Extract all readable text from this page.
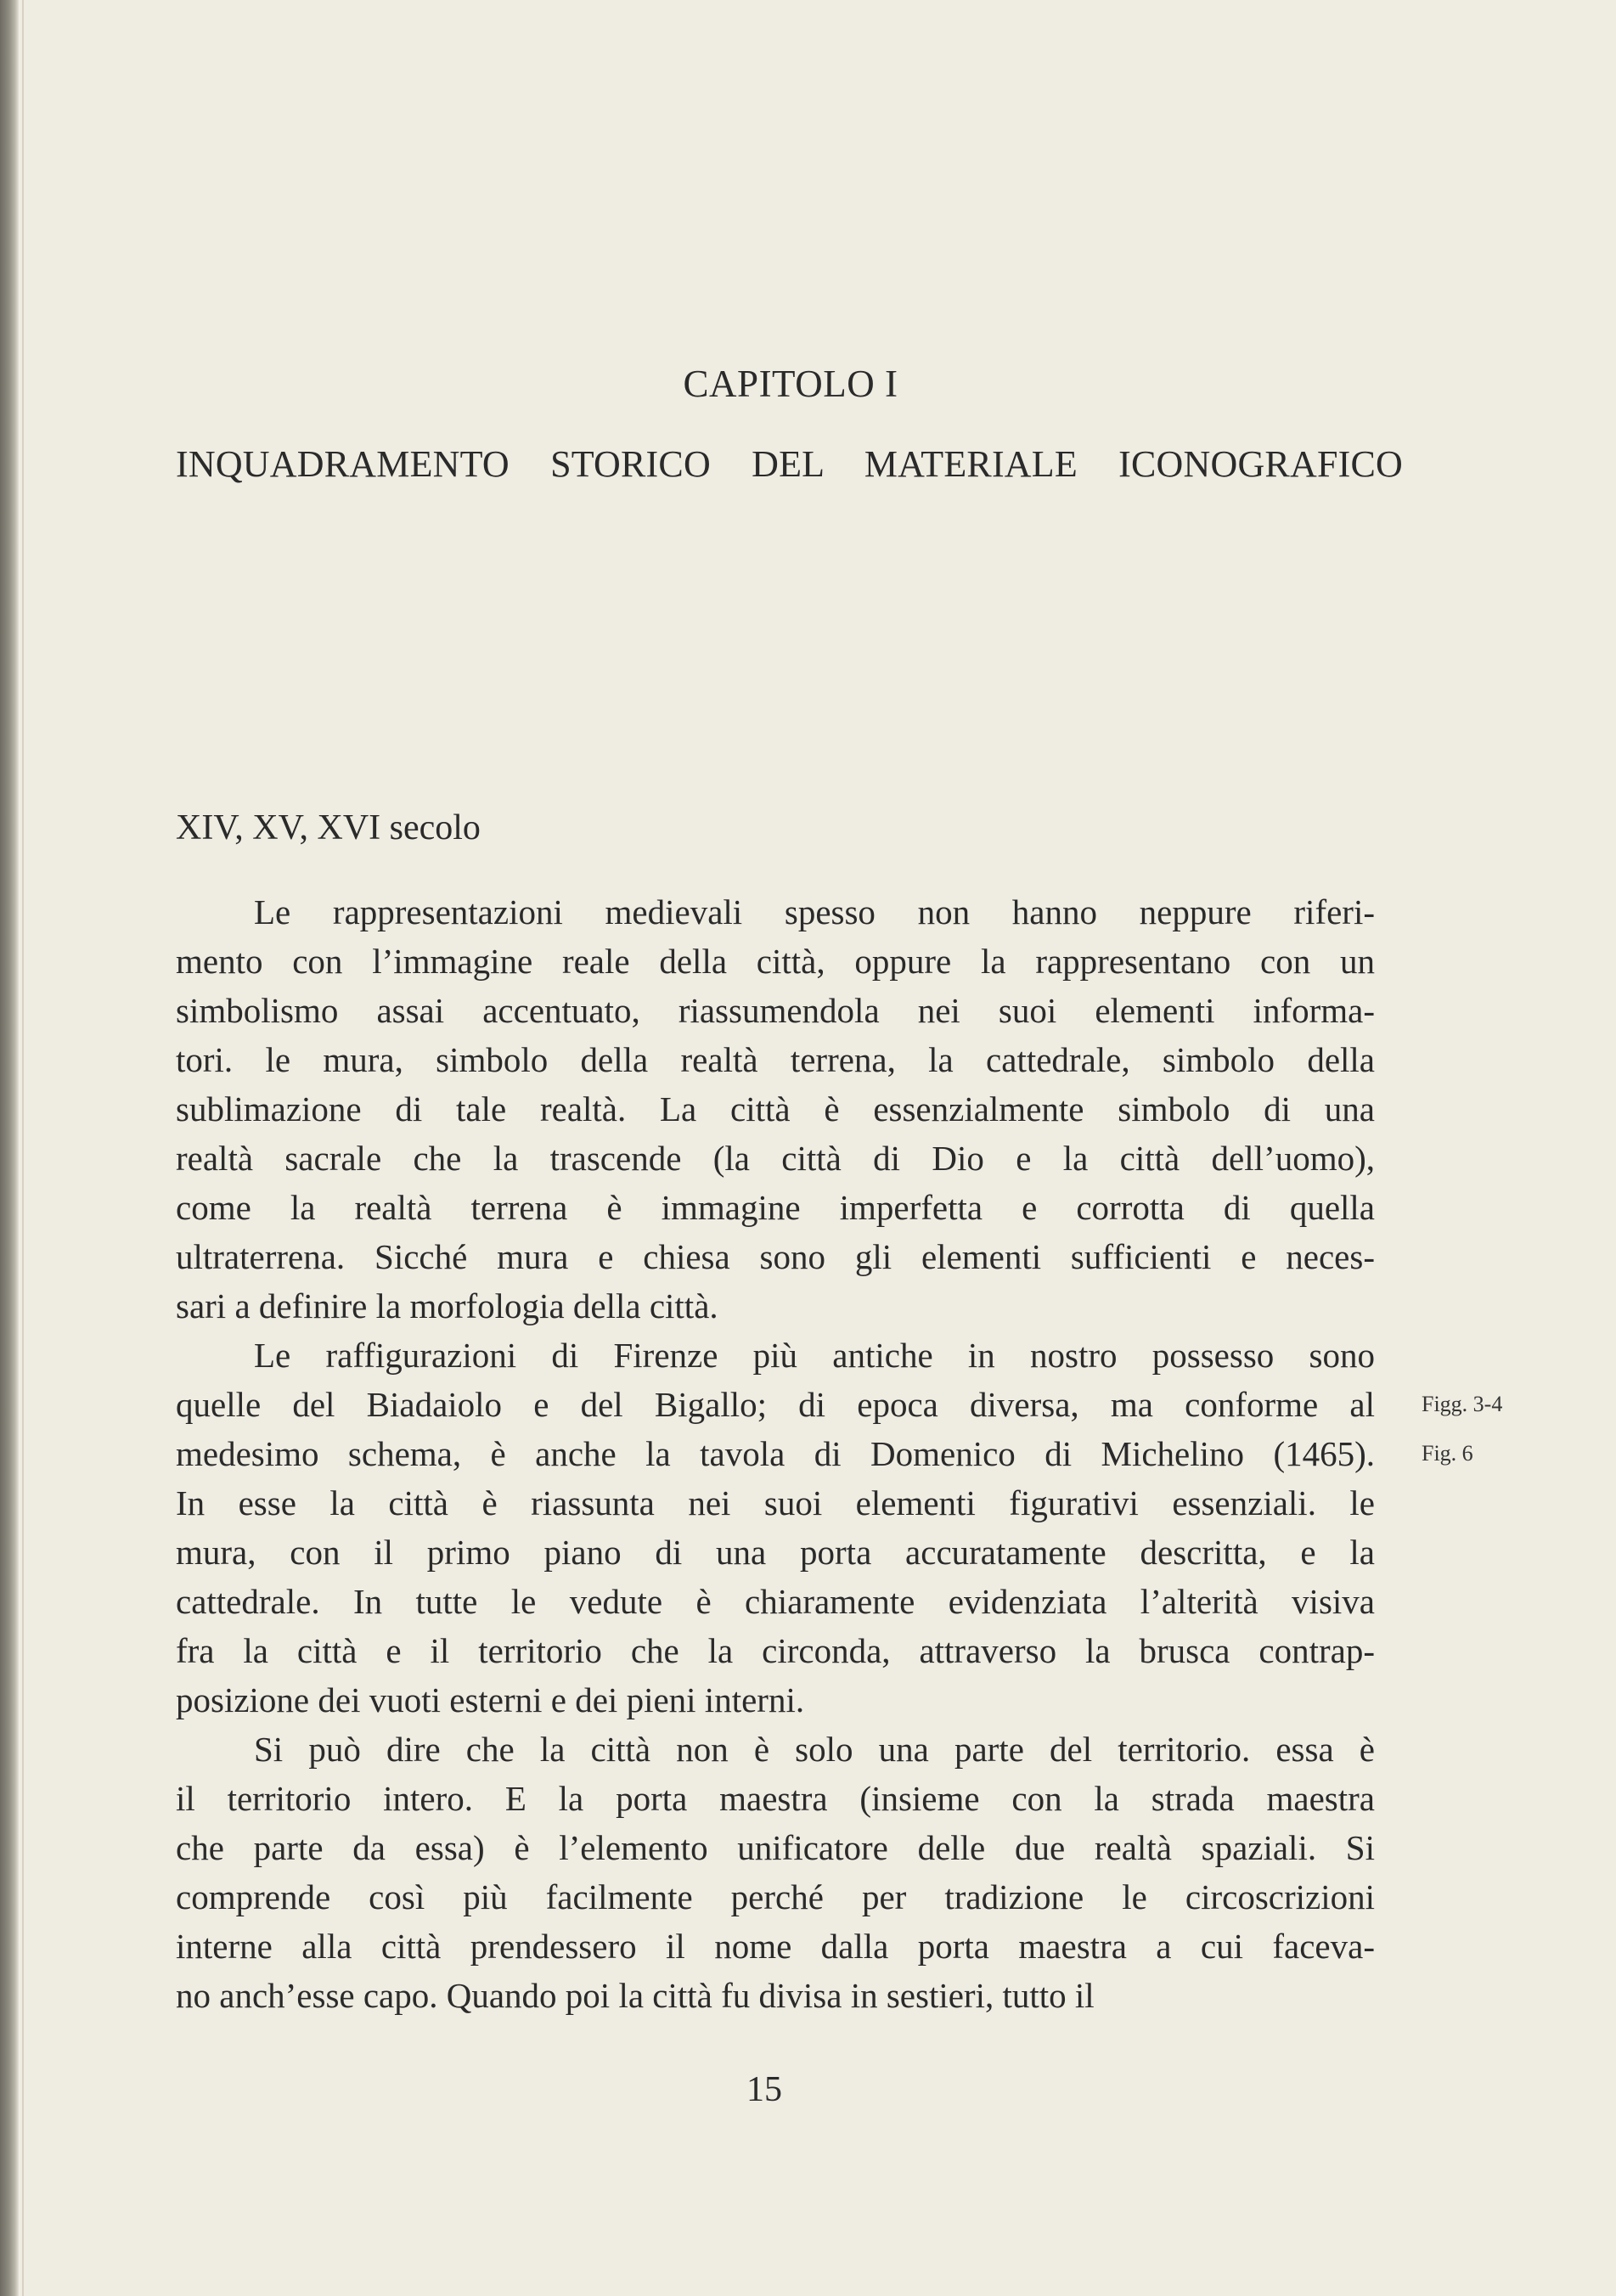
CAPITOLO I
INQUADRAMENTO STORICO DEL MATERIALE ICONOGRAFICO
XIV, XV, XVI secolo
Le rappresentazioni medievali spesso non hanno neppure riferi-
mento con l’immagine reale della città, oppure la rappresentano con un
simbolismo assai accentuato, riassumendola nei suoi elementi informa-
tori. le mura, simbolo della realtà terrena, la cattedrale, simbolo della
sublimazione di tale realtà. La città è essenzialmente simbolo di una
realtà sacrale che la trascende (la città di Dio e la città dell’uomo),
come la realtà terrena è immagine imperfetta e corrotta di quella
ultraterrena. Sicché mura e chiesa sono gli elementi sufficienti e neces-
sari a definire la morfologia della città.
Le raffigurazioni di Firenze più antiche in nostro possesso sono
quelle del Biadaiolo e del Bigallo; di epoca diversa, ma conforme al
medesimo schema, è anche la tavola di Domenico di Michelino (1465).
In esse la città è riassunta nei suoi elementi figurativi essenziali. le
mura, con il primo piano di una porta accuratamente descritta, e la
cattedrale. In tutte le vedute è chiaramente evidenziata l’alterità visiva
fra la città e il territorio che la circonda, attraverso la brusca contrap-
posizione dei vuoti esterni e dei pieni interni.
Si può dire che la città non è solo una parte del territorio. essa è
il territorio intero. E la porta maestra (insieme con la strada maestra
che parte da essa) è l’elemento unificatore delle due realtà spaziali. Si
comprende così più facilmente perché per tradizione le circoscrizioni
interne alla città prendessero il nome dalla porta maestra a cui faceva-
no anch’esse capo. Quando poi la città fu divisa in sestieri, tutto il
Figg. 3-4
Fig. 6
15
